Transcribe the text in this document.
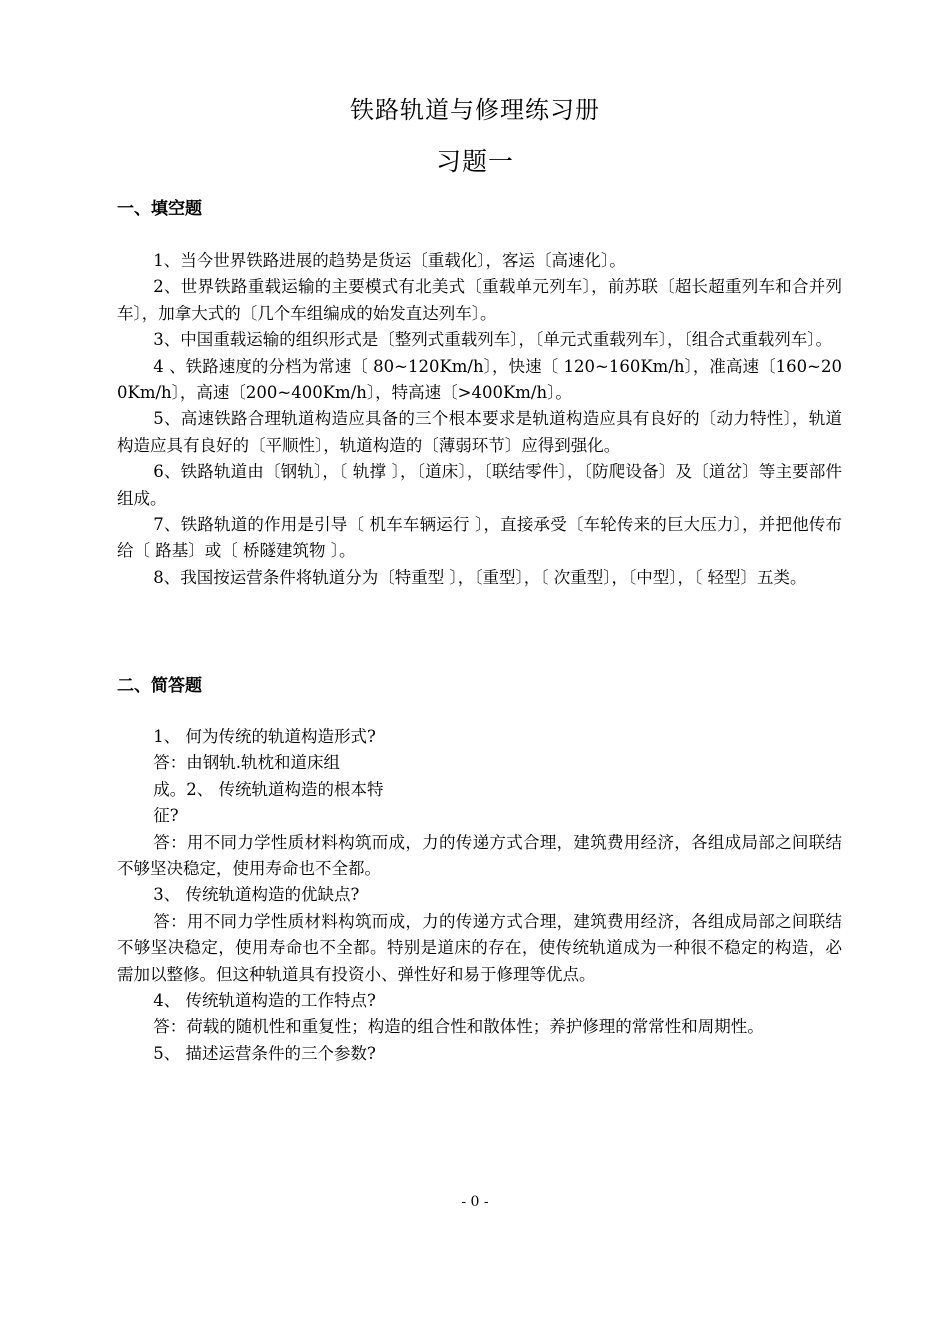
铁路轨道与修理练习册
习题一
一、填空题

1、当今世界铁路进展的趋势是货运〔重载化〕，客运〔高速化〕。

2、世界铁路重载运输的主要模式有北美式〔重载单元列车〕，前苏联〔超长超重列车和合并列车〕，加拿大式的〔几个车组编成的始发直达列车〕。

3、中国重载运输的组织形式是〔整列式重载列车〕，〔单元式重载列车〕，〔组合式重载列车〕。

4 、铁路速度的分档为常速〔 80~120Km/h〕，快速〔 120~160Km/h〕，准高速〔160~200Km/h〕，高速〔200~400Km/h〕，特高速〔>400Km/h〕。

5、高速铁路合理轨道构造应具备的三个根本要求是轨道构造应具有良好的〔动力特性〕，轨道构造应具有良好的〔平顺性〕，轨道构造的〔薄弱环节〕应得到强化。

6、铁路轨道由〔钢轨〕，〔 轨撑 〕，〔道床〕，〔联结零件〕，〔防爬设备〕及〔道岔〕等主要部件组成。

7、铁路轨道的作用是引导〔 机车车辆运行 〕，直接承受〔车轮传来的巨大压力〕，并把他传布给〔 路基〕或〔 桥隧建筑物 〕。

8、我国按运营条件将轨道分为〔特重型 〕，〔重型〕，〔 次重型〕，〔中型〕，〔 轻型〕五类。

二、简答题

1、 何为传统的轨道构造形式?

答：由钢轨.轨枕和道床组

成。2、 传统轨道构造的根本特

征?

答：用不同力学性质材料构筑而成，力的传递方式合理，建筑费用经济，各组成局部之间联结不够坚决稳定，使用寿命也不全都。

3、 传统轨道构造的优缺点?

答：用不同力学性质材料构筑而成，力的传递方式合理，建筑费用经济，各组成局部之间联结不够坚决稳定，使用寿命也不全都。特别是道床的存在，使传统轨道成为一种很不稳定的构造，必需加以整修。但这种轨道具有投资小、弹性好和易于修理等优点。

4、 传统轨道构造的工作特点?

答：荷载的随机性和重复性；构造的组合性和散体性；养护修理的常常性和周期性。

5、 描述运营条件的三个参数?

- 0 -
